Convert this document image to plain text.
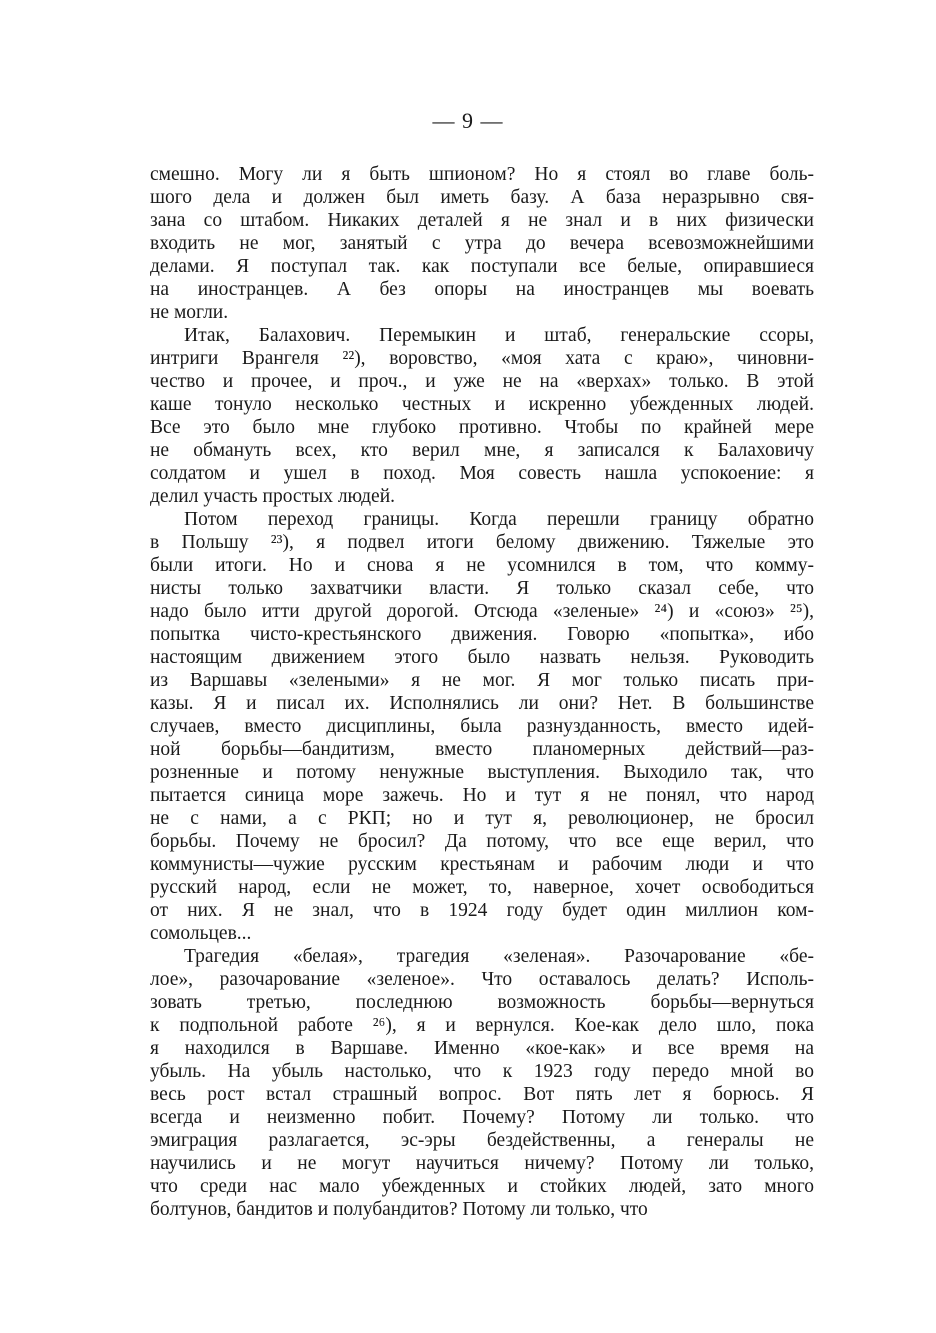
— 9 —
смешно. Могу ли я быть шпионом? Но я стоял во главе боль-
шого дела и должен был иметь базу. А база неразрывно свя-
зана со штабом. Никаких деталей я не знал и в них физически
входить не мог, занятый с утра до вечера всевозможнейшими
делами. Я поступал так. как поступали все белые, опиравшиеся
на иностранцев. А без опоры на иностранцев мы воевать
не могли.
Итак, Балахович. Перемыкин и штаб, генеральские ссоры,
интриги Врангеля ²²), воровство, «моя хата с краю», чиновни-
чество и прочее, и проч., и уже не на «верхах» только. В этой
каше тонуло несколько честных и искренно убежденных людей.
Все это было мне глубоко противно. Чтобы по крайней мере
не обмануть всех, кто верил мне, я записался к Балаховичу
солдатом и ушел в поход. Моя совесть нашла успокоение: я
делил участь простых людей.
Потом переход границы. Когда перешли границу обратно
в Польшу ²³), я подвел итоги белому движению. Тяжелые это
были итоги. Но и снова я не усомнился в том, что комму-
нисты только захватчики власти. Я только сказал себе, что
надо было итти другой дорогой. Отсюда «зеленые» ²⁴) и «союз» ²⁵),
попытка чисто-крестьянского движения. Говорю «попытка», ибо
настоящим движением этого было назвать нельзя. Руководить
из Варшавы «зелеными» я не мог. Я мог только писать при-
казы. Я и писал их. Исполнялись ли они? Нет. В большинстве
случаев, вместо дисциплины, была разнузданность, вместо идей-
ной борьбы—бандитизм, вместо планомерных действий—раз-
розненные и потому ненужные выступления. Выходило так, что
пытается синица море зажечь. Но и тут я не понял, что народ
не с нами, а с РКП; но и тут я, революционер, не бросил
борьбы. Почему не бросил? Да потому, что все еще верил, что
коммунисты—чужие русским крестьянам и рабочим люди и что
русский народ, если не может, то, наверное, хочет освободиться
от них. Я не знал, что в 1924 году будет один миллион ком-
сомольцев...
Трагедия «белая», трагедия «зеленая». Разочарование «бе-
лое», разочарование «зеленое». Что оставалось делать? Исполь-
зовать третью, последнюю возможность борьбы—вернуться
к подпольной работе ²⁶), я и вернулся. Кое-как дело шло, пока
я находился в Варшаве. Именно «кое-как» и все время на
убыль. На убыль настолько, что к 1923 году передо мной во
весь рост встал страшный вопрос. Вот пять лет я борюсь. Я
всегда и неизменно побит. Почему? Потому ли только. что
эмиграция разлагается, эс-эры бездейственны, а генералы не
научились и не могут научиться ничему? Потому ли только,
что среди нас мало убежденных и стойких людей, зато много
болтунов, бандитов и полубандитов? Потому ли только, что
